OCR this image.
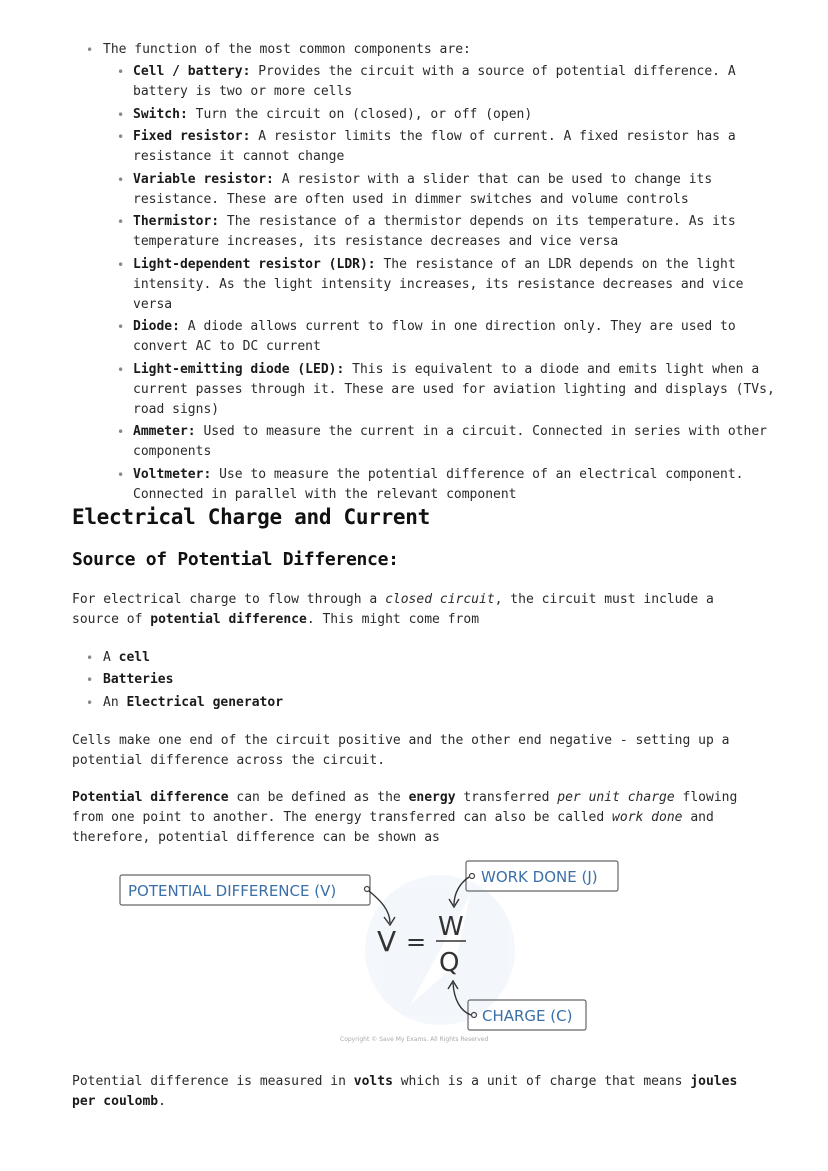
• The function of the most common components are:
• Cell / battery: Provides the circuit with a source of potential difference. A battery is two or more cells
• Switch: Turn the circuit on (closed), or off (open)
• Fixed resistor: A resistor limits the flow of current. A fixed resistor has a resistance it cannot change
• Variable resistor: A resistor with a slider that can be used to change its resistance. These are often used in dimmer switches and volume controls
• Thermistor: The resistance of a thermistor depends on its temperature. As its temperature increases, its resistance decreases and vice versa
• Light-dependent resistor (LDR): The resistance of an LDR depends on the light intensity. As the light intensity increases, its resistance decreases and vice versa
• Diode: A diode allows current to flow in one direction only. They are used to convert AC to DC current
• Light-emitting diode (LED): This is equivalent to a diode and emits light when a current passes through it. These are used for aviation lighting and displays (TVs, road signs)
• Ammeter: Used to measure the current in a circuit. Connected in series with other components
• Voltmeter: Use to measure the potential difference of an electrical component. Connected in parallel with the relevant component
Electrical Charge and Current
Source of Potential Difference:

For electrical charge to flow through a closed circuit, the circuit must include a source of potential difference. This might come from

• A cell
• Batteries
• An Electrical generator

Cells make one end of the circuit positive and the other end negative - setting up a potential difference across the circuit.

Potential difference can be defined as the energy transferred per unit charge flowing from one point to another. The energy transferred can also be called work done and therefore, potential difference can be shown as

POTENTIAL DIFFERENCE (V)
WORK DONE (J)
V = W
Q
CHARGE (C)
Copyright © Save My Exams. All Rights Reserved

Potential difference is measured in volts which is a unit of charge that means joules per coulomb.
